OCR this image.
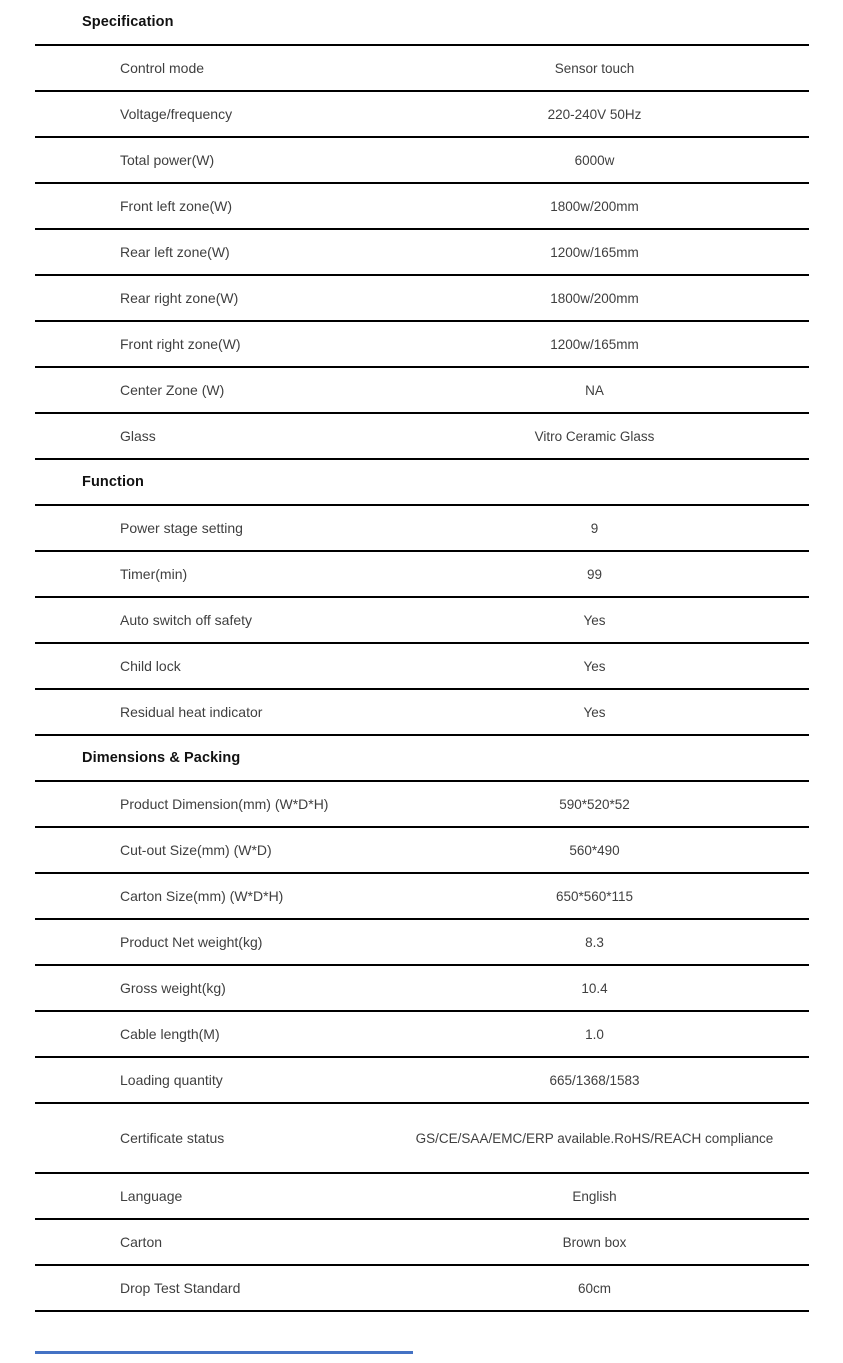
Specification
Control mode	Sensor touch
Voltage/frequency	220-240V 50Hz
Total power(W)	6000w
Front left zone(W)	1800w/200mm
Rear left zone(W)	1200w/165mm
Rear right zone(W)	1800w/200mm
Front right zone(W)	1200w/165mm
Center Zone (W)	NA
Glass	Vitro Ceramic Glass
Function
Power stage setting	9
Timer(min)	99
Auto switch off safety	Yes
Child lock	Yes
Residual heat indicator	Yes
Dimensions & Packing
Product Dimension(mm) (W*D*H)	590*520*52
Cut-out Size(mm) (W*D)	560*490
Carton Size(mm) (W*D*H)	650*560*115
Product Net weight(kg)	8.3
Gross weight(kg)	10.4
Cable length(M)	1.0
Loading quantity	665/1368/1583
Certificate status	GS/CE/SAA/EMC/ERP available.RoHS/REACH compliance
Language	English
Carton	Brown box
Drop Test Standard	60cm
